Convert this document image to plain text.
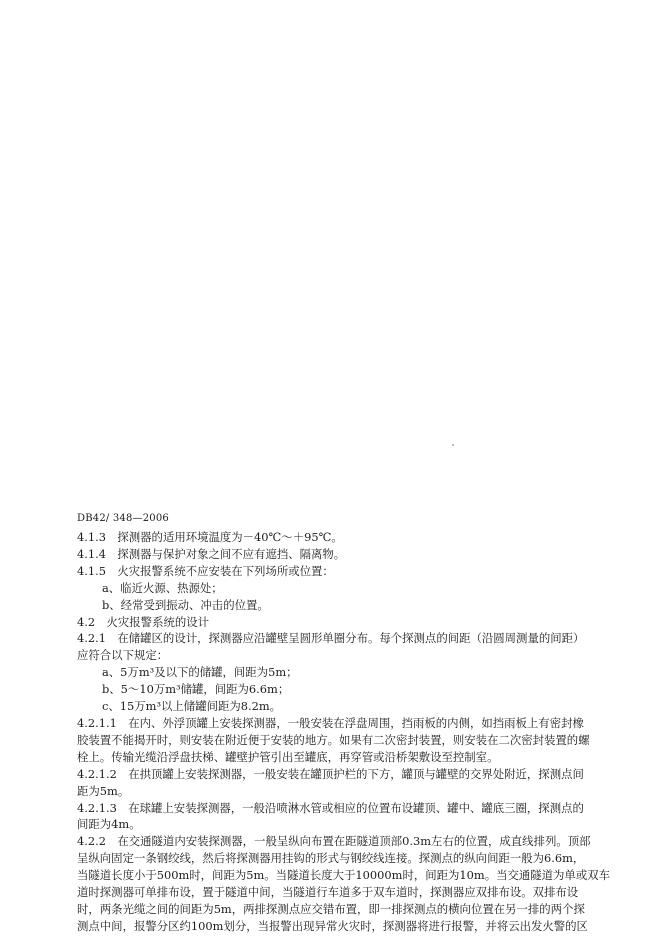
DB42/ 348—2006
4.1.3　探测器的适用环境温度为－40℃～＋95℃。
4.1.4　探测器与保护对象之间不应有遮挡、隔离物。
4.1.5　火灾报警系统不应安装在下列场所或位置：
a、临近火源、热源处；
b、经常受到振动、冲击的位置。
4.2　火灾报警系统的设计
4.2.1　在储罐区的设计，探测器应沿罐壁呈圆形单圈分布。每个探测点的间距（沿圆周测量的间距）
应符合以下规定：
a、5万m³及以下的储罐，间距为5m；
b、5～10万m³储罐，间距为6.6m；
c、15万m³以上储罐间距为8.2m。
4.2.1.1　在内、外浮顶罐上安装探测器，一般安装在浮盘周围，挡雨板的内侧，如挡雨板上有密封橡
胶装置不能揭开时，则安装在附近便于安装的地方。如果有二次密封装置，则安装在二次密封装置的螺
栓上。传输光缆沿浮盘扶梯、罐壁护管引出至罐底，再穿管或沿桥架敷设至控制室。
4.2.1.2　在拱顶罐上安装探测器，一般安装在罐顶护栏的下方，罐顶与罐壁的交界处附近，探测点间
距为5m。
4.2.1.3　在球罐上安装探测器，一般沿喷淋水管或相应的位置布设罐顶、罐中、罐底三圈，探测点的
间距为4m。
4.2.2　在交通隧道内安装探测器，一般呈纵向布置在距隧道顶部0.3m左右的位置，成直线排列。顶部
呈纵向固定一条钢绞线，然后将探测器用挂钩的形式与钢绞线连接。探测点的纵向间距一般为6.6m，
当隧道长度小于500m时，间距为5m。当隧道长度大于10000m时，间距为10m。当交通隧道为单或双车
道时探测器可单排布设，置于隧道中间，当隧道行车道多于双车道时，探测器应双排布设。双排布设
时，两条光缆之间的间距为5m，两排探测点应交错布置，即一排探测点的横向位置在另一排的两个探
测点中间，报警分区约100m划分，当报警出现异常火灾时，探测器将进行报警，并将云出发火警的区
